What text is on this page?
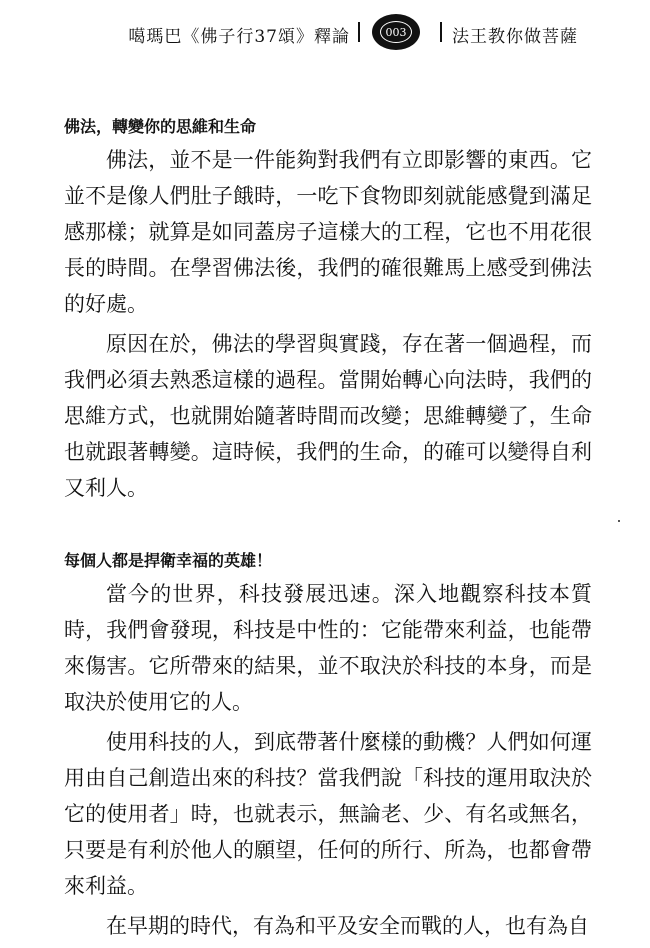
噶瑪巴《佛子行37頌》釋論	003	法王教你做菩薩
佛法，轉變你的思維和生命

佛法，並不是一件能夠對我們有立即影響的東西。它並不是像人們肚子餓時，一吃下食物即刻就能感覺到滿足感那樣；就算是如同蓋房子這樣大的工程，它也不用花很長的時間。在學習佛法後，我們的確很難馬上感受到佛法的好處。

原因在於，佛法的學習與實踐，存在著一個過程，而我們必須去熟悉這樣的過程。當開始轉心向法時，我們的思維方式，也就開始隨著時間而改變；思維轉變了，生命也就跟著轉變。這時候，我們的生命，的確可以變得自利又利人。

每個人都是捍衛幸福的英雄！

當今的世界，科技發展迅速。深入地觀察科技本質時，我們會發現，科技是中性的：它能帶來利益，也能帶來傷害。它所帶來的結果，並不取決於科技的本身，而是取決於使用它的人。

使用科技的人，到底帶著什麼樣的動機？人們如何運用由自己創造出來的科技？當我們說「科技的運用取決於它的使用者」時，也就表示，無論老、少、有名或無名，只要是有利於他人的願望，任何的所行、所為，也都會帶來利益。

在早期的時代，有為和平及安全而戰的人，也有為自
